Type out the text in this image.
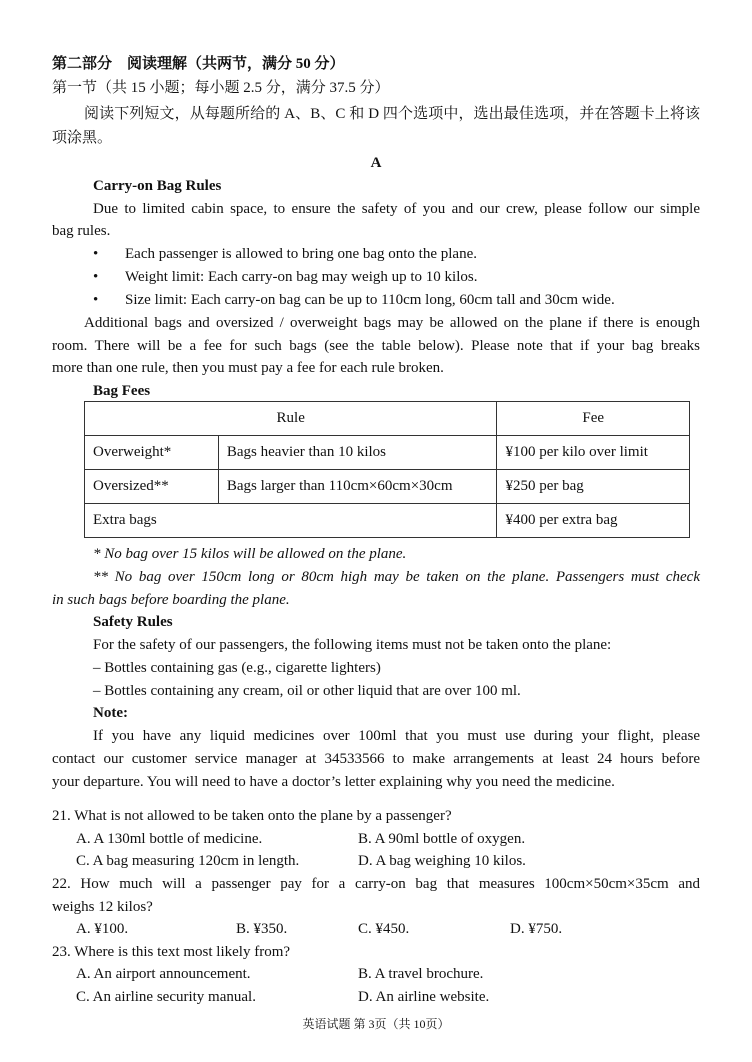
第二部分　阅读理解（共两节，满分 50 分）
第一节（共 15 小题；每小题 2.5 分，满分 37.5 分）
阅读下列短文，从每题所给的 A、B、C 和 D 四个选项中，选出最佳选项，并在答题卡上将该
项涂黑。
A
Carry-on Bag Rules
Due to limited cabin space, to ensure the safety of you and our crew, please follow our simple
bag rules.
• Each passenger is allowed to bring one bag onto the plane.
• Weight limit: Each carry-on bag may weigh up to 10 kilos.
• Size limit: Each carry-on bag can be up to 110cm long, 60cm tall and 30cm wide.
Additional bags and oversized / overweight bags may be allowed on the plane if there is enough
room. There will be a fee for such bags (see the table below). Please note that if your bag breaks
more than one rule, then you must pay a fee for each rule broken.
Bag Fees
Rule		Fee
Overweight*	Bags heavier than 10 kilos	¥100 per kilo over limit
Oversized**	Bags larger than 110cm×60cm×30cm	¥250 per bag
Extra bags		¥400 per extra bag
* No bag over 15 kilos will be allowed on the plane.
** No bag over 150cm long or 80cm high may be taken on the plane. Passengers must check
in such bags before boarding the plane.
Safety Rules
For the safety of our passengers, the following items must not be taken onto the plane:
– Bottles containing gas (e.g., cigarette lighters)
– Bottles containing any cream, oil or other liquid that are over 100 ml.
Note:
If you have any liquid medicines over 100ml that you must use during your flight, please
contact our customer service manager at 34533566 to make arrangements at least 24 hours before
your departure. You will need to have a doctor’s letter explaining why you need the medicine.
21. What is not allowed to be taken onto the plane by a passenger?
A. A 130ml bottle of medicine.	B. A 90ml bottle of oxygen.
C. A bag measuring 120cm in length.	D. A bag weighing 10 kilos.
22. How much will a passenger pay for a carry-on bag that measures 100cm×50cm×35cm and
weighs 12 kilos?
A. ¥100.	B. ¥350.	C. ¥450.	D. ¥750.
23. Where is this text most likely from?
A. An airport announcement.	B. A travel brochure.
C. An airline security manual.	D. An airline website.
英语试题 第 3页（共 10页）
